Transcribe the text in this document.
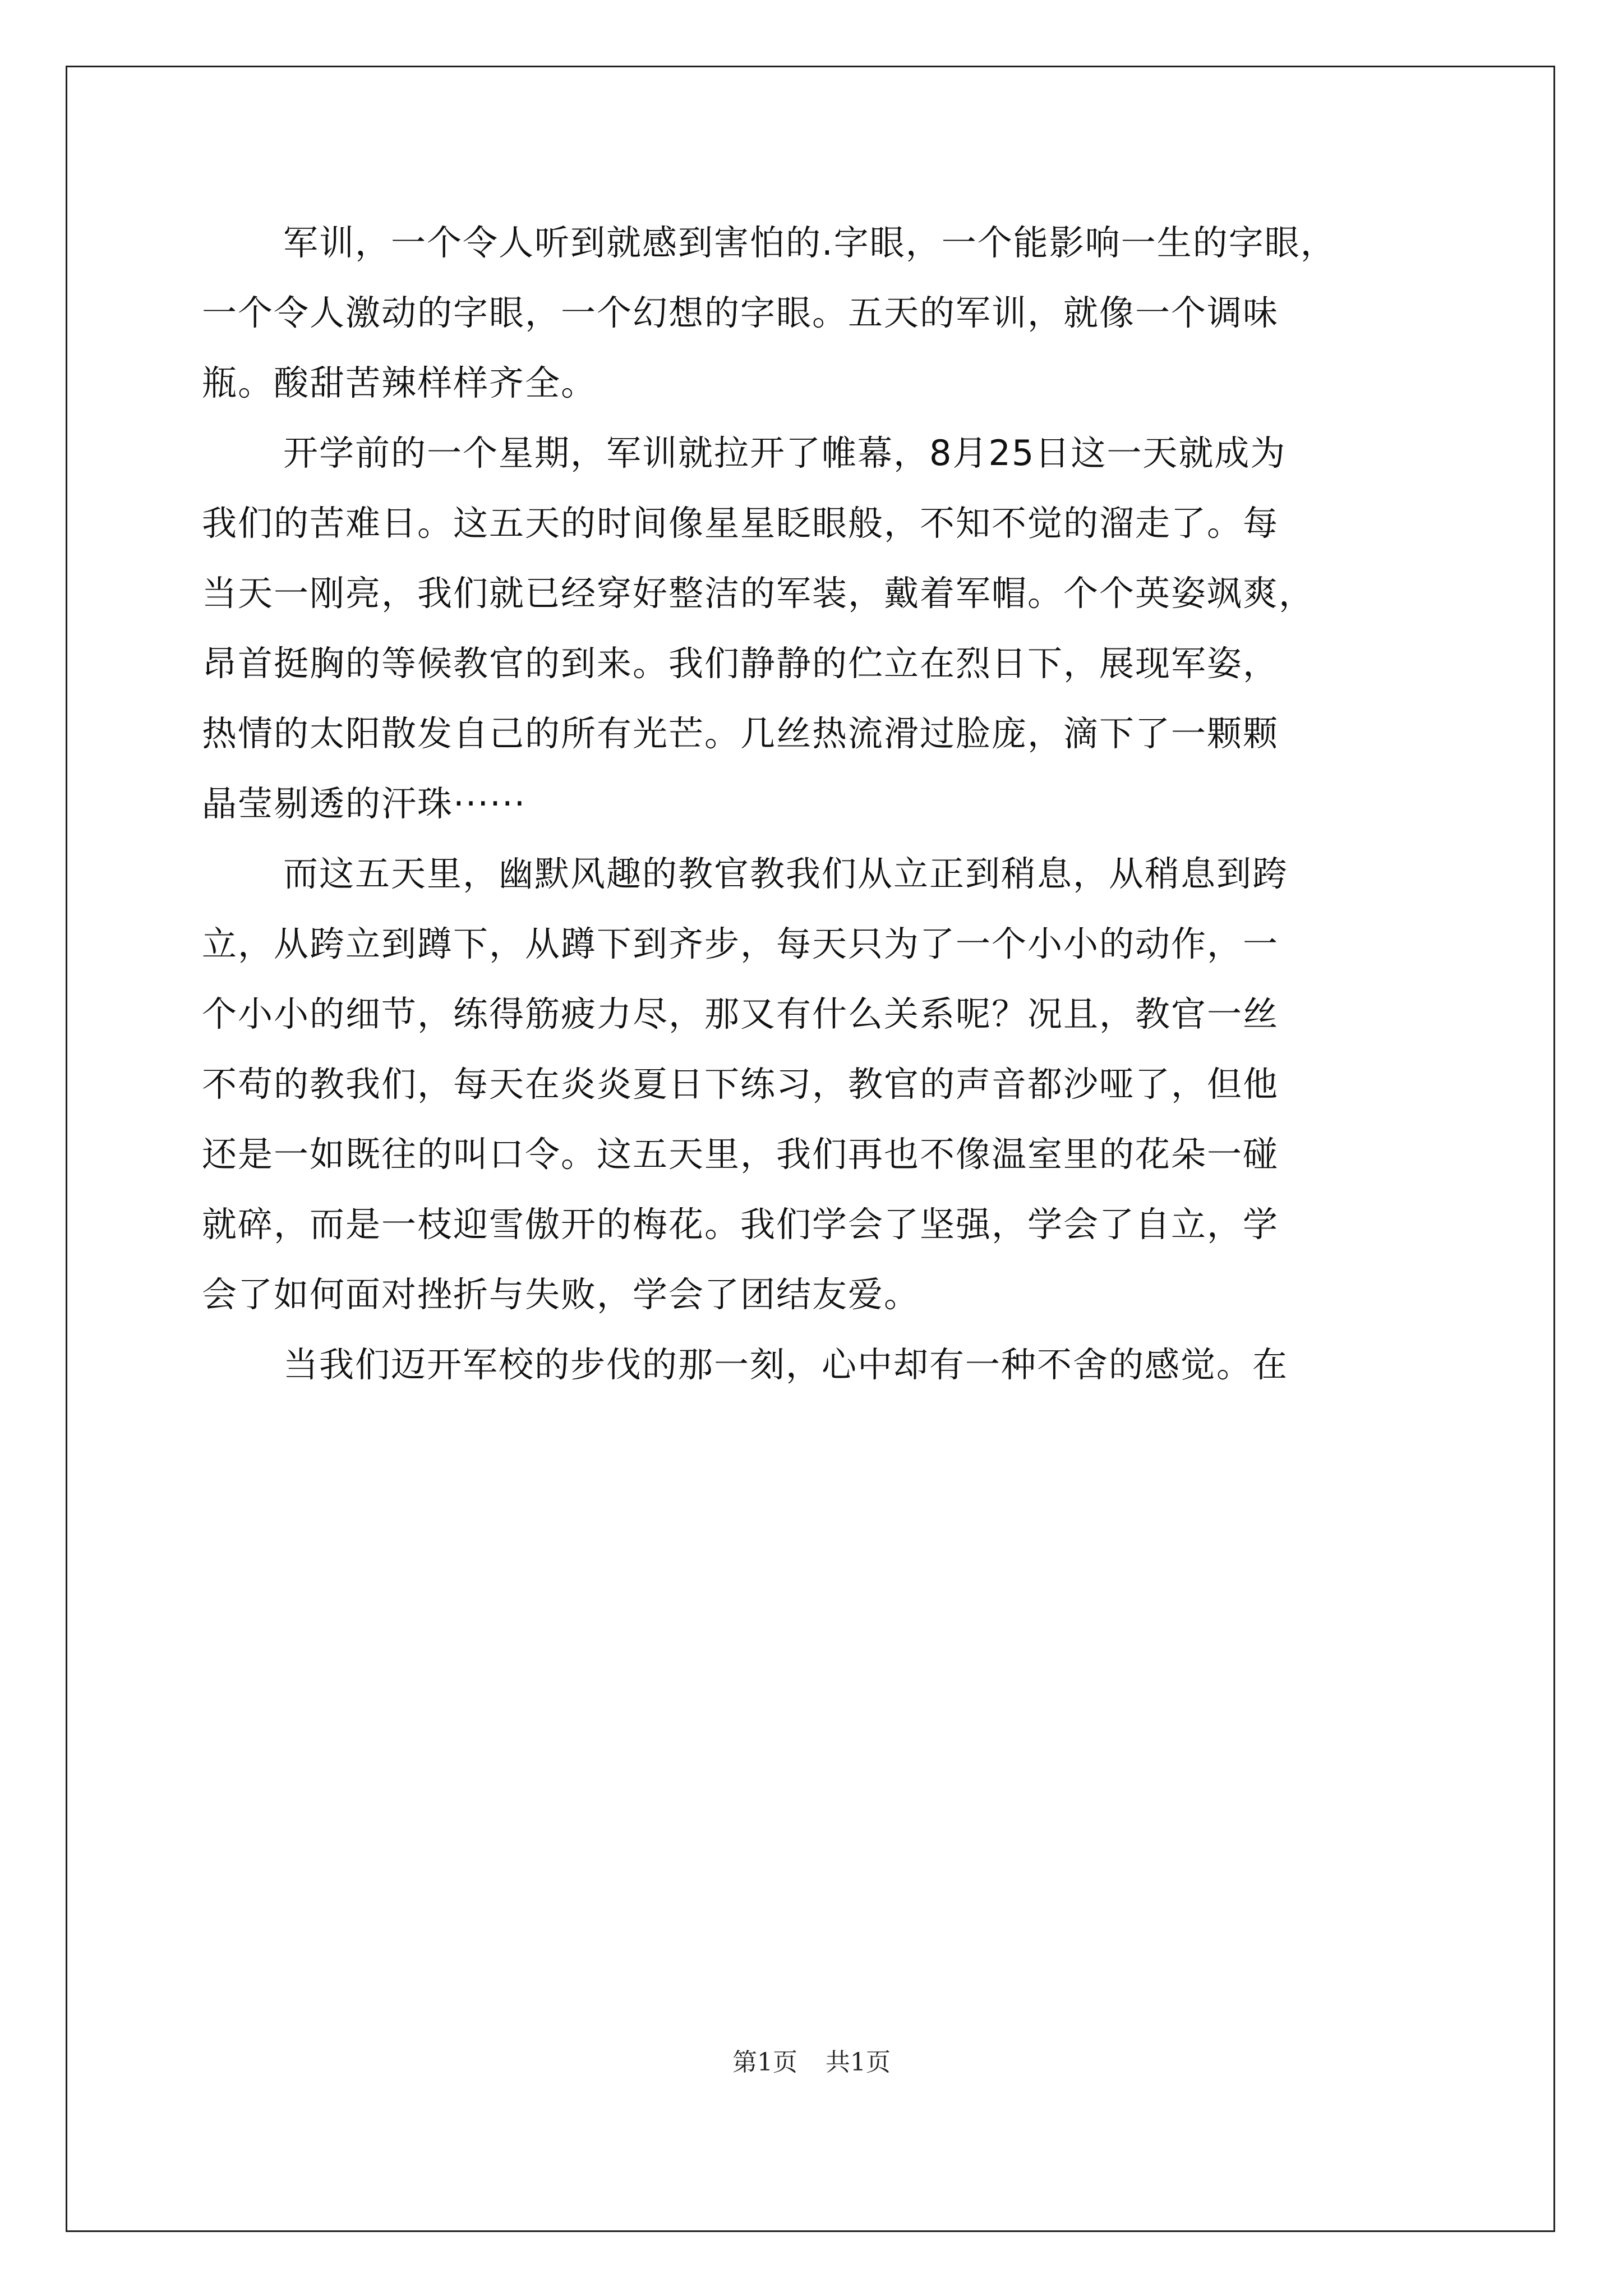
军训，一个令人听到就感到害怕的.字眼，一个能影响一生的字眼，
一个令人激动的字眼，一个幻想的字眼。五天的军训，就像一个调味
瓶。酸甜苦辣样样齐全。
开学前的一个星期，军训就拉开了帷幕，8月25日这一天就成为
我们的苦难日。这五天的时间像星星眨眼般，不知不觉的溜走了。每
当天一刚亮，我们就已经穿好整洁的军装，戴着军帽。个个英姿飒爽，
昂首挺胸的等候教官的到来。我们静静的伫立在烈日下，展现军姿，
热情的太阳散发自己的所有光芒。几丝热流滑过脸庞，滴下了一颗颗
晶莹剔透的汗珠······
而这五天里，幽默风趣的教官教我们从立正到稍息，从稍息到跨
立，从跨立到蹲下，从蹲下到齐步，每天只为了一个小小的动作，一
个小小的细节，练得筋疲力尽，那又有什么关系呢？况且，教官一丝
不苟的教我们，每天在炎炎夏日下练习，教官的声音都沙哑了，但他
还是一如既往的叫口令。这五天里，我们再也不像温室里的花朵一碰
就碎，而是一枝迎雪傲开的梅花。我们学会了坚强，学会了自立，学
会了如何面对挫折与失败，学会了团结友爱。
当我们迈开军校的步伐的那一刻，心中却有一种不舍的感觉。在
第1页 共1页
